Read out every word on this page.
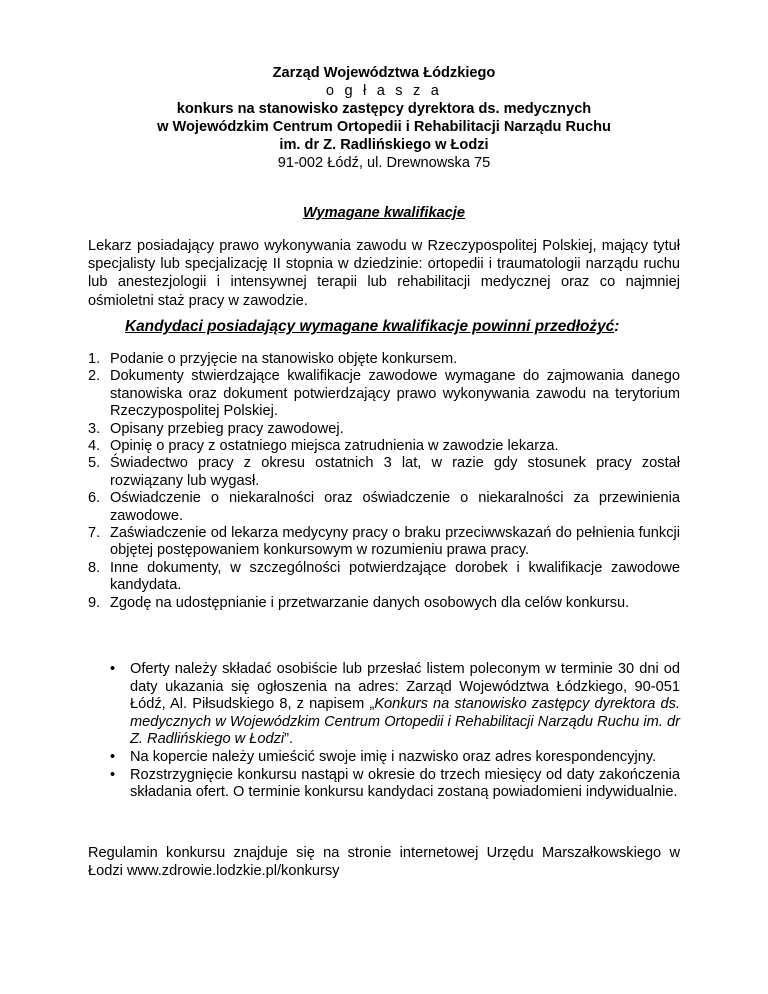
Zarząd Województwa Łódzkiego
o g ł a s z a
konkurs na stanowisko zastępcy dyrektora ds. medycznych
w Wojewódzkim Centrum Ortopedii i Rehabilitacji Narządu Ruchu
im. dr Z. Radlińskiego w Łodzi
91-002 Łódź, ul. Drewnowska 75
Wymagane kwalifikacje
Lekarz posiadający prawo wykonywania zawodu w Rzeczypospolitej Polskiej, mający tytuł specjalisty lub specjalizację II stopnia w dziedzinie: ortopedii i traumatologii narządu ruchu lub anestezjologii i intensywnej terapii lub rehabilitacji medycznej oraz co najmniej ośmioletni staż pracy w zawodzie.
Kandydaci posiadający wymagane kwalifikacje powinni przedłożyć:
1. Podanie o przyjęcie na stanowisko objęte konkursem.
2. Dokumenty stwierdzające kwalifikacje zawodowe wymagane do zajmowania danego stanowiska oraz dokument potwierdzający prawo wykonywania zawodu na terytorium Rzeczypospolitej Polskiej.
3. Opisany przebieg pracy zawodowej.
4. Opinię o pracy z ostatniego miejsca zatrudnienia w zawodzie lekarza.
5. Świadectwo pracy z okresu ostatnich 3 lat, w razie gdy stosunek pracy został rozwiązany lub wygasł.
6. Oświadczenie o niekaralności oraz oświadczenie o niekaralności za przewinienia zawodowe.
7. Zaświadczenie od lekarza medycyny pracy o braku przeciwwskazań do pełnienia funkcji objętej postępowaniem konkursowym w rozumieniu prawa pracy.
8. Inne dokumenty, w szczególności potwierdzające dorobek i kwalifikacje zawodowe kandydata.
9. Zgodę na udostępnianie i przetwarzanie danych osobowych dla celów konkursu.
• Oferty należy składać osobiście lub przesłać listem poleconym w terminie 30 dni od daty ukazania się ogłoszenia na adres: Zarząd Województwa Łódzkiego, 90-051 Łódź, Al. Piłsudskiego 8, z napisem „Konkurs na stanowisko zastępcy dyrektora ds. medycznych w Wojewódzkim Centrum Ortopedii i Rehabilitacji Narządu Ruchu im. dr Z. Radlińskiego w Łodzi”.
• Na kopercie należy umieścić swoje imię i nazwisko oraz adres korespondencyjny.
• Rozstrzygnięcie konkursu nastąpi w okresie do trzech miesięcy od daty zakończenia składania ofert. O terminie konkursu kandydaci zostaną powiadomieni indywidualnie.
Regulamin konkursu znajduje się na stronie internetowej Urzędu Marszałkowskiego w Łodzi www.zdrowie.lodzkie.pl/konkursy
